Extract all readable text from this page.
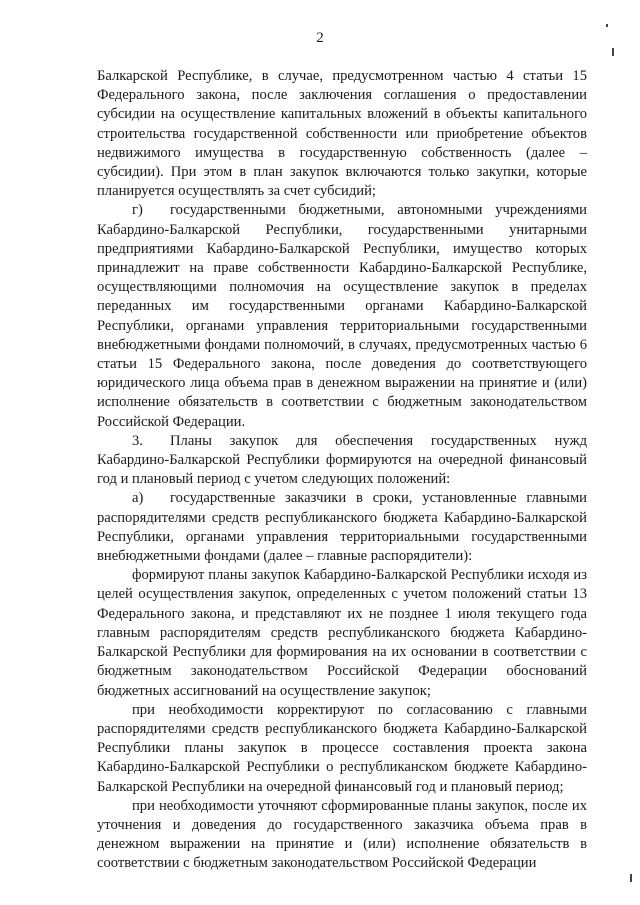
2

Балкарской Республике, в случае, предусмотренном частью 4 статьи 15 Федерального закона, после заключения соглашения о предоставлении субсидии на осуществление капитальных вложений в объекты капитального строительства государственной собственности или приобретение объектов недвижимого имущества в государственную собственность (далее – субсидии). При этом в план закупок включаются только закупки, которые планируется осуществлять за счет субсидий;

г) государственными бюджетными, автономными учреждениями Кабардино-Балкарской Республики, государственными унитарными предприятиями Кабардино-Балкарской Республики, имущество которых принадлежит на праве собственности Кабардино-Балкарской Республике, осуществляющими полномочия на осуществление закупок в пределах переданных им государственными органами Кабардино-Балкарской Республики, органами управления территориальными государственными внебюджетными фондами полномочий, в случаях, предусмотренных частью 6 статьи 15 Федерального закона, после доведения до соответствующего юридического лица объема прав в денежном выражении на принятие и (или) исполнение обязательств в соответствии с бюджетным законодательством Российской Федерации.

3. Планы закупок для обеспечения государственных нужд Кабардино-Балкарской Республики формируются на очередной финансовый год и плановый период с учетом следующих положений:

а) государственные заказчики в сроки, установленные главными распорядителями средств республиканского бюджета Кабардино-Балкарской Республики, органами управления территориальными государственными внебюджетными фондами (далее – главные распорядители):

формируют планы закупок Кабардино-Балкарской Республики исходя из целей осуществления закупок, определенных с учетом положений статьи 13 Федерального закона, и представляют их не позднее 1 июля текущего года главным распорядителям средств республиканского бюджета Кабардино-Балкарской Республики для формирования на их основании в соответствии с бюджетным законодательством Российской Федерации обоснований бюджетных ассигнований на осуществление закупок;

при необходимости корректируют по согласованию с главными распорядителями средств республиканского бюджета Кабардино-Балкарской Республики планы закупок в процессе составления проекта закона Кабардино-Балкарской Республики о республиканском бюджете Кабардино-Балкарской Республики на очередной финансовый год и плановый период;

при необходимости уточняют сформированные планы закупок, после их уточнения и доведения до государственного заказчика объема прав в денежном выражении на принятие и (или) исполнение обязательств в соответствии с бюджетным законодательством Российской Федерации
